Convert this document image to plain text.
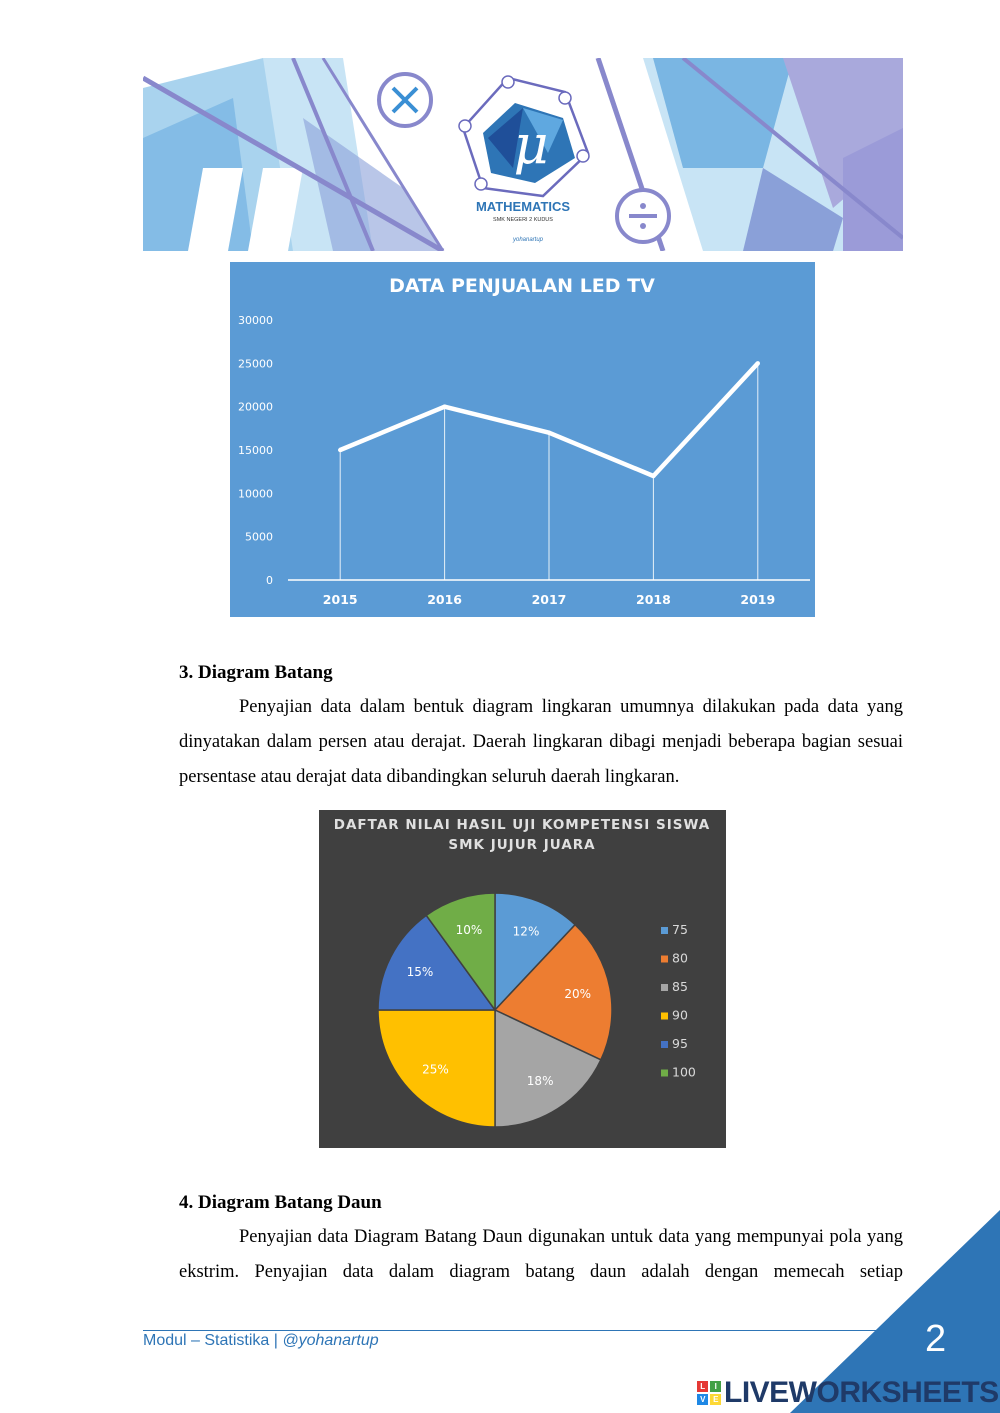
μ
MATHEMATICS
SMK NEGERI 2 KUDUS
yohanartup
DATA PENJUALAN LED TV
0
5000
10000
15000
20000
25000
30000
2015	2016	2017	2018	2019
3. Diagram Batang

Penyajian data dalam bentuk diagram lingkaran umumnya dilakukan pada data yang dinyatakan dalam persen atau derajat. Daerah lingkaran dibagi menjadi beberapa bagian sesuai persentase atau derajat data dibandingkan seluruh daerah lingkaran.

DAFTAR NILAI HASIL UJI KOMPETENSI SISWA
SMK JUJUR JUARA
12%
20%
18%
25%
15%
10%	75
80
85
90
95
100
4. Diagram Batang Daun

Penyajian data Diagram Batang Daun digunakan untuk data yang mempunyai pola yang ekstrim. Penyajian data dalam diagram batang daun adalah dengan memecah setiap

Modul – Statistika | @yohanartup	2
L	I
V	E LIVEWORKSHEETS
